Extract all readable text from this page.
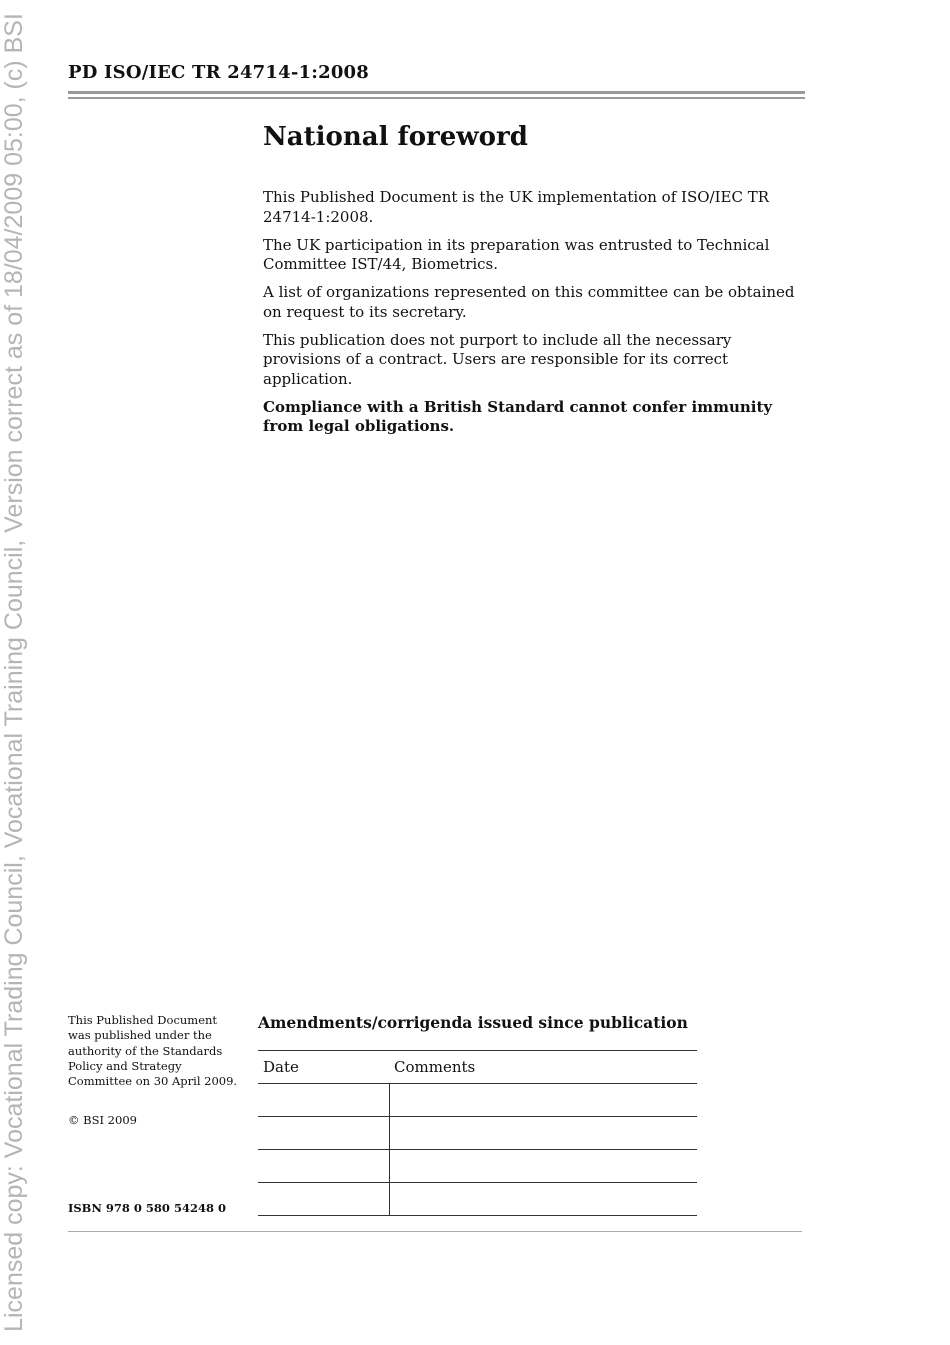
Licensed copy: Vocational Trading Council, Vocational Training Council, Version correct as of 18/04/2009 05:00, (c) BSI	PD ISO/IEC TR 24714-1:2008
National foreword

This Published Document is the UK implementation of ISO/IEC TR 24714-1:2008.

The UK participation in its preparation was entrusted to Technical Committee IST/44, Biometrics.

A list of organizations represented on this committee can be obtained on request to its secretary.

This publication does not purport to include all the necessary provisions of a contract. Users are responsible for its correct application.

Compliance with a British Standard cannot confer immunity from legal obligations.

This Published Document was published under the authority of the Standards Policy and Strategy Committee on 30 April 2009.

© BSI 2009
ISBN 978 0 580 54248 0
Amendments/corrigenda issued since publication
Date	Comments
